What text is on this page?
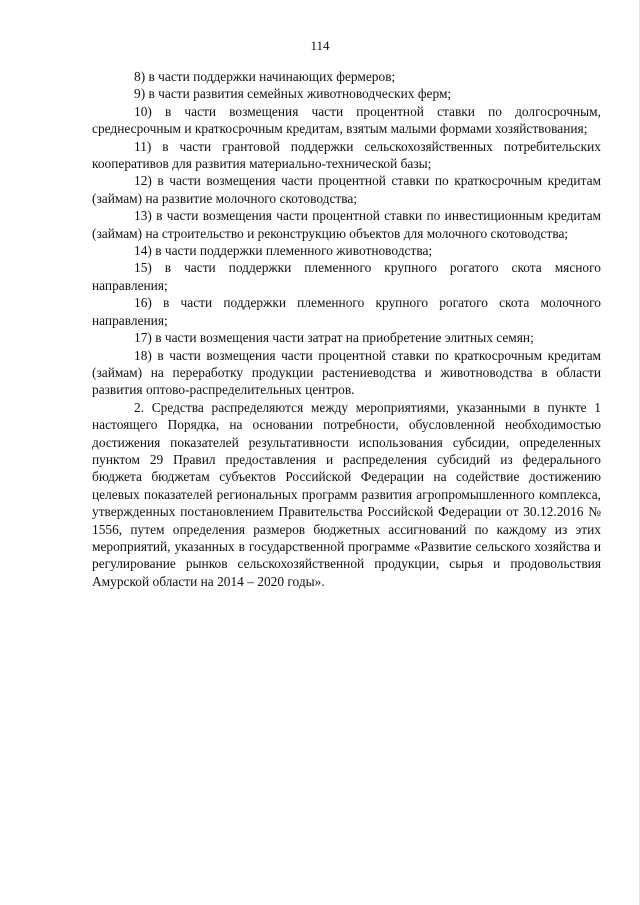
114

8) в части поддержки начинающих фермеров;

9) в части развития семейных животноводческих ферм;

10) в части возмещения части процентной ставки по долгосрочным, среднесрочным и краткосрочным кредитам, взятым малыми формами хозяйствования;

11) в части грантовой поддержки сельскохозяйственных потребительских кооперативов для развития материально-технической базы;

12) в части возмещения части процентной ставки по краткосрочным кредитам (займам) на развитие молочного скотоводства;

13) в части возмещения части процентной ставки по инвестиционным кредитам (займам) на строительство и реконструкцию объектов для молочного скотоводства;

14) в части поддержки племенного животноводства;

15) в части поддержки племенного крупного рогатого скота мясного направления;

16) в части поддержки племенного крупного рогатого скота молочного направления;

17) в части возмещения части затрат на приобретение элитных семян;

18) в части возмещения части процентной ставки по краткосрочным кредитам (займам) на переработку продукции растениеводства и животноводства в области развития оптово-распределительных центров.

2. Средства распределяются между мероприятиями, указанными в пункте 1 настоящего Порядка, на основании потребности, обусловленной необходимостью достижения показателей результативности использования субсидии, определенных пунктом 29 Правил предоставления и распределения субсидий из федерального бюджета бюджетам субъектов Российской Федерации на содействие достижению целевых показателей региональных программ развития агропромышленного комплекса, утвержденных постановлением Правительства Российской Федерации от 30.12.2016 № 1556, путем определения размеров бюджетных ассигнований по каждому из этих мероприятий, указанных в государственной программе «Развитие сельского хозяйства и регулирование рынков сельскохозяйственной продукции, сырья и продовольствия Амурской области на 2014 – 2020 годы».
